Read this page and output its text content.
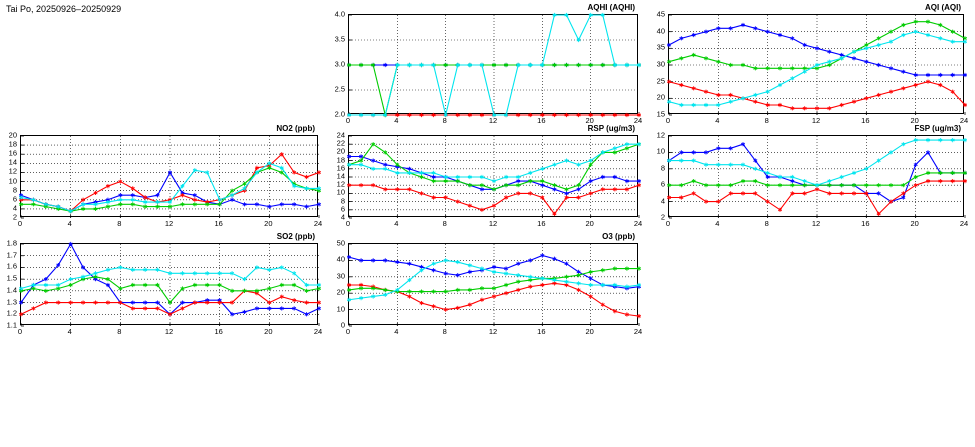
Tai Po, 20250926‒20250929
NO2 (ppb)
0	4	8	12	16	20	24
2
4
6
8
10
12
14
16
18
20
SO2 (ppb)
0	4	8	12	16	20	24
1.1
1.2
1.3
1.4
1.5
1.6
1.7
1.8
AQHI (AQHI)
0	4	8	12	16	20	24
2.0
2.5
3.0
3.5
4.0
RSP (ug/m3)
0	4	8	12	16	20	24
4
6
8
10
12
14
16
18
20
22
24
O3 (ppb)
0	4	8	12	16	20	24
0
10
20
30
40
50
AQI (AQI)
0	4	8	12	16	20	24
15
20
25
30
35
40
45
FSP (ug/m3)
0	4	8	12	16	20	24
2
4
6
8
10
12
